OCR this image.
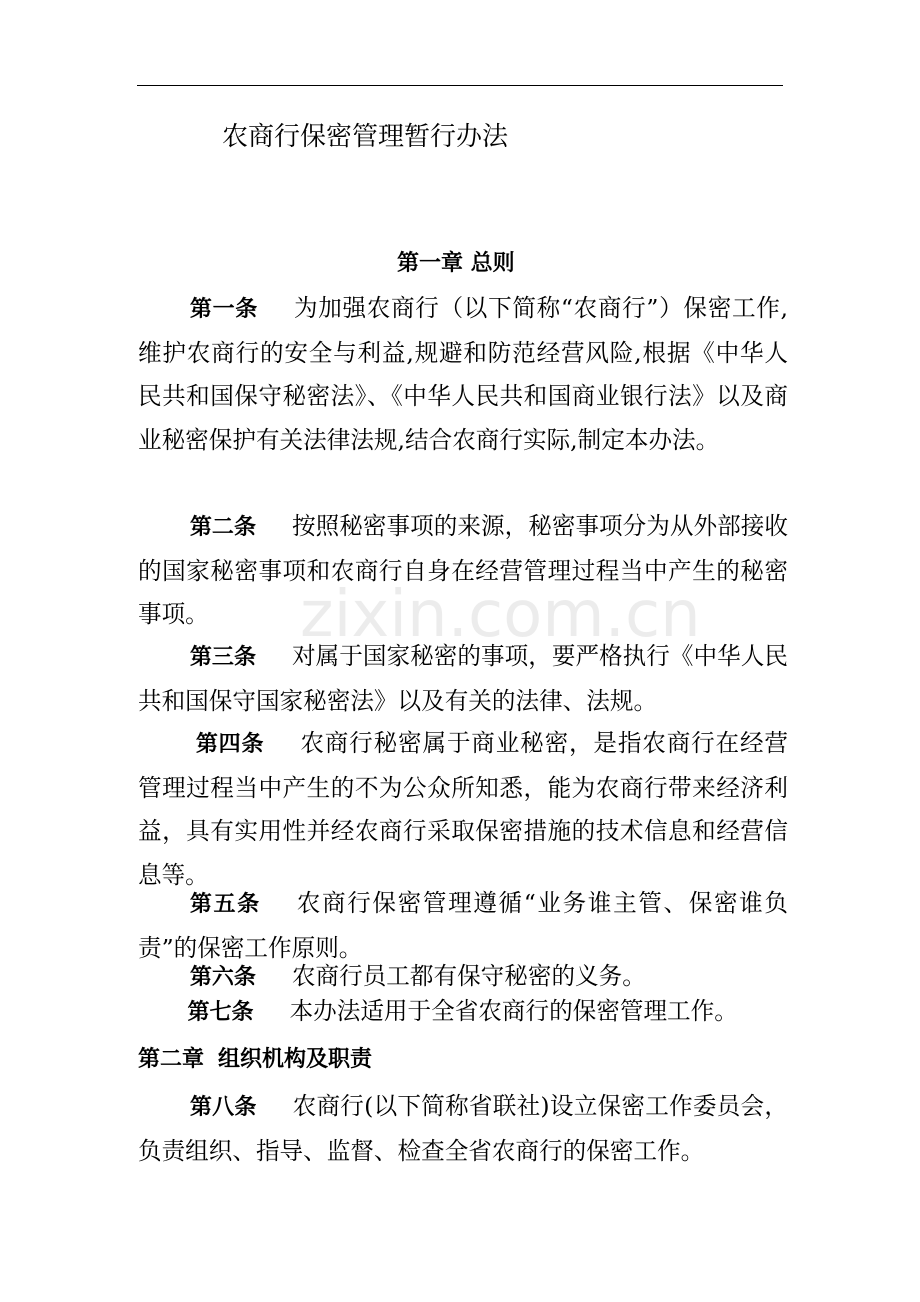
农商行保密管理暂行办法
第一章 总则
第一条 为加强农商行（以下简称“农商行”）保密工作,维护农商行的安全与利益,规避和防范经营风险,根据《中华人民共和国保守秘密法》、《中华人民共和国商业银行法》以及商业秘密保护有关法律法规,结合农商行实际,制定本办法。
第二条 按照秘密事项的来源，秘密事项分为从外部接收的国家秘密事项和农商行自身在经营管理过程当中产生的秘密事项。	zixin.com.cn
第三条 对属于国家秘密的事项，要严格执行《中华人民共和国保守国家秘密法》以及有关的法律、法规。
第四条 农商行秘密属于商业秘密，是指农商行在经营管理过程当中产生的不为公众所知悉，能为农商行带来经济利益，具有实用性并经农商行采取保密措施的技术信息和经营信息等。
第五条 农商行保密管理遵循“业务谁主管、保密谁负责”的保密工作原则。
第六条 农商行员工都有保守秘密的义务。
第七条 本办法适用于全省农商行的保密管理工作。
第二章 组织机构及职责
第八条 农商行(以下简称省联社)设立保密工作委员会，负责组织、指导、监督、检查全省农商行的保密工作。
